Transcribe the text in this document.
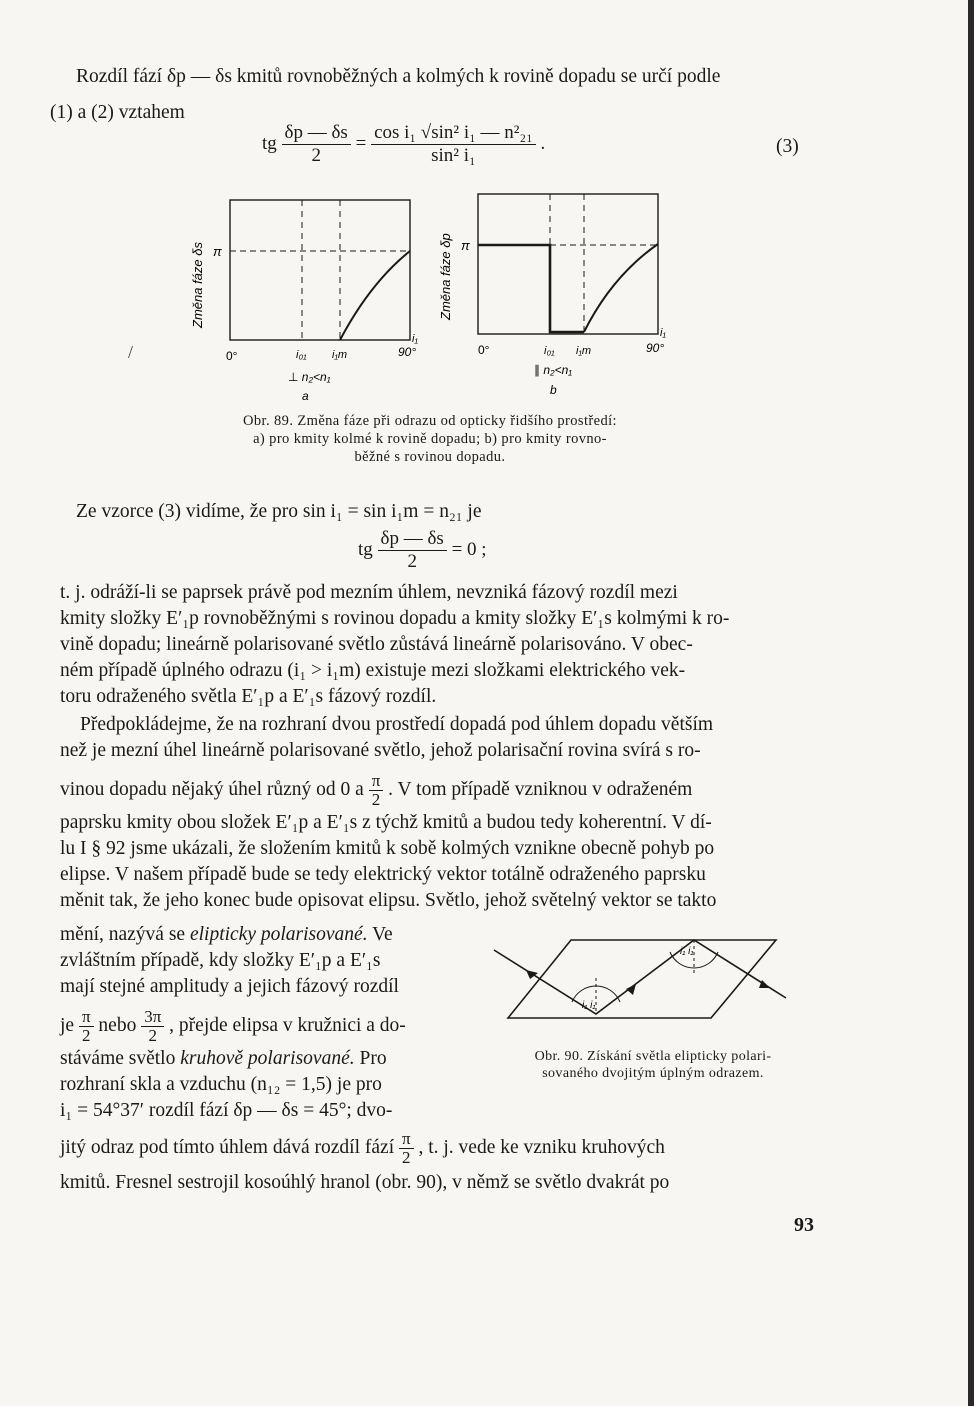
Rozdíl fází δp — δs kmitů rovnoběžných a kolmých k rovině dopadu se určí podle
(1) a (2) vztahem
tg $\frac{\delta p — \delta s}{2} = \frac{\text{cos i₁ √sin² i₁ — n²₂₁}}{\text{sin² i₁}}$ .	(3)
Změna fáze δs π
0°	i₀₁ i₁m	90°
i₁
⊥ n₂<n₁
a
Změna fáze δp π
0°	i₀₁ i₁m	90°
i₁
∥ n₂<n₁
b
/
Obr. 89. Změna fáze při odrazu od opticky řidšího prostředí:
a) pro kmity kolmé k rovině dopadu; b) pro kmity rovno-
běžné s rovinou dopadu.
Ze vzorce (3) vidíme, že pro sin i₁ = sin i₁m = n₂₁ je
tg $\frac{\delta p — \delta s}{2} = 0$ ;
t. j. odráží-li se paprsek právě pod mezním úhlem, nevzniká fázový rozdíl mezi
kmity složky E′₁p rovnoběžnými s rovinou dopadu a kmity složky E′₁s kolmými k ro-
vině dopadu; lineárně polarisované světlo zůstává lineárně polarisováno. V obec-
ném případě úplného odrazu (i₁ > i₁m) existuje mezi složkami elektrického vek-
toru odraženého světla E′₁p a E′₁s fázový rozdíl.
Předpokládejme, že na rozhraní dvou prostředí dopadá pod úhlem dopadu větším
než je mezní úhel lineárně polarisované světlo, jehož polarisační rovina svírá s ro-
vinou dopadu nějaký úhel různý od 0 a $\frac{\pi}{2}$ . V tom případě vzniknou v odraženém
paprsku kmity obou složek E′₁p a E′₁s z týchž kmitů a budou tedy koherentní. V dí-
lu I § 92 jsme ukázali, že složením kmitů k sobě kolmých vznikne obecně pohyb po
elipse. V našem případě bude se tedy elektrický vektor totálně odraženého paprsku
měnit tak, že jeho konec bude opisovat elipsu. Světlo, jehož světelný vektor se takto
mění, nazývá se elipticky polarisované. Ve
zvláštním případě, kdy složky E′₁p a E′₁s
mají stejné amplitudy a jejich fázový rozdíl
je $\frac{\pi}{2}$ nebo $\frac{3\pi}{2}$ , přejde elipsa v kružnici a do-
stáváme světlo kruhově polarisované. Pro
rozhraní skla a vzduchu (n₁₂ = 1,5) je pro
i₁ = 54°37′ rozdíl fází δp — δs = 45°; dvo-
i₁ i₁
i₁ i₁
Obr. 90. Získání světla elipticky polari-
sovaného dvojitým úplným odrazem.
jitý odraz pod tímto úhlem dává rozdíl fází $\frac{\pi}{2}$ , t. j. vede ke vzniku kruhových
kmitů. Fresnel sestrojil kosoúhlý hranol (obr. 90), v němž se světlo dvakrát po
93
